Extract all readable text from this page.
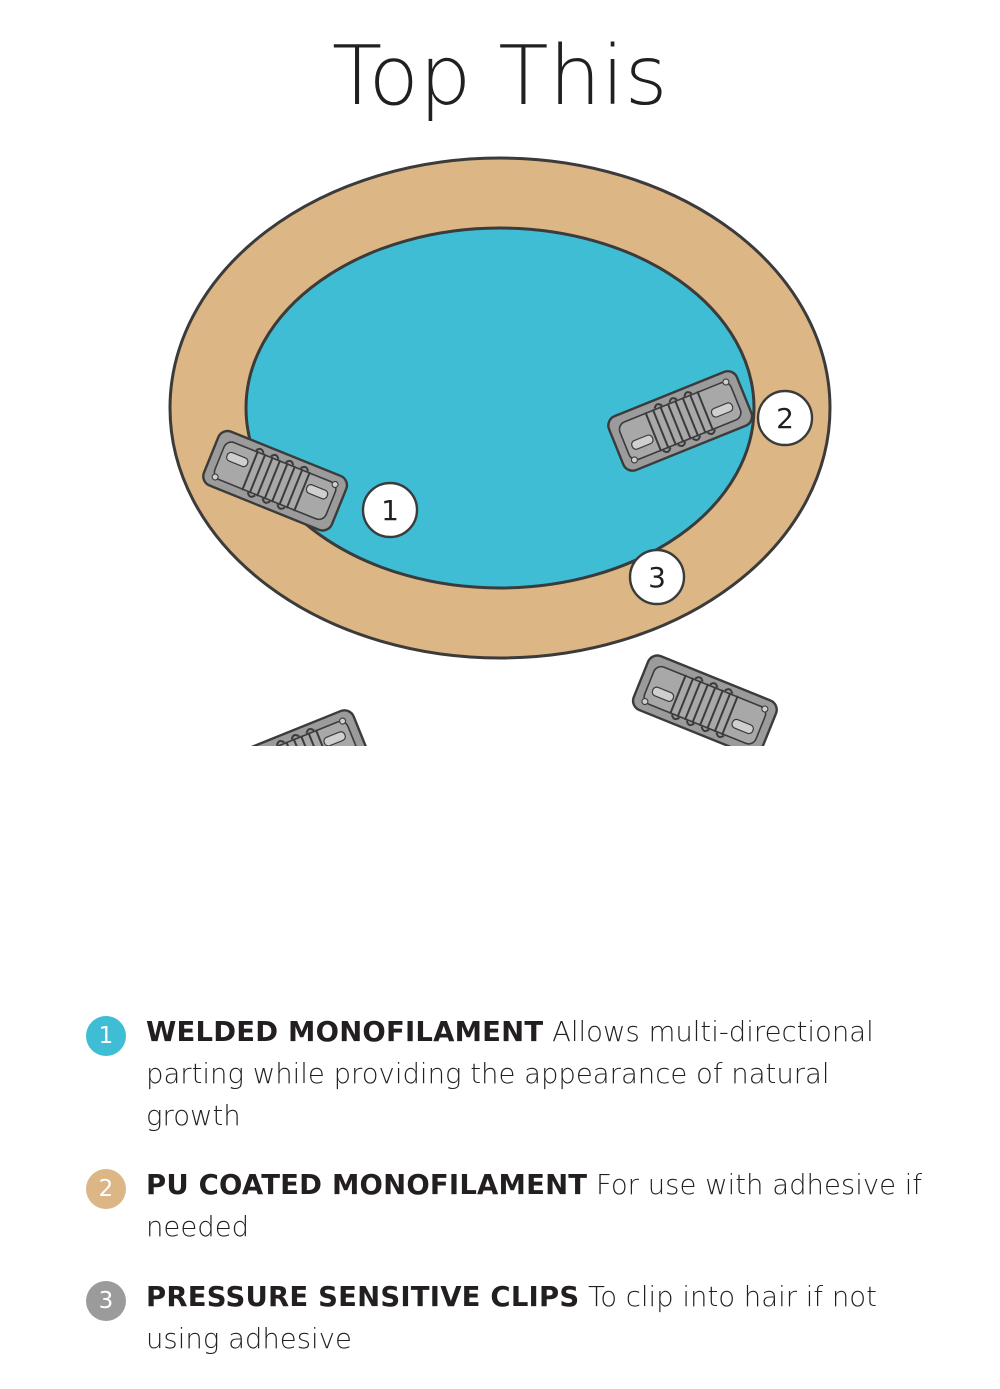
Top This
1
2
3
1	WELDED MONOFILAMENT Allows multi-directional parting while providing the appearance of natural growth
2	PU COATED MONOFILAMENT For use with adhesive if needed
3	PRESSURE SENSITIVE CLIPS To clip into hair if not using adhesive
